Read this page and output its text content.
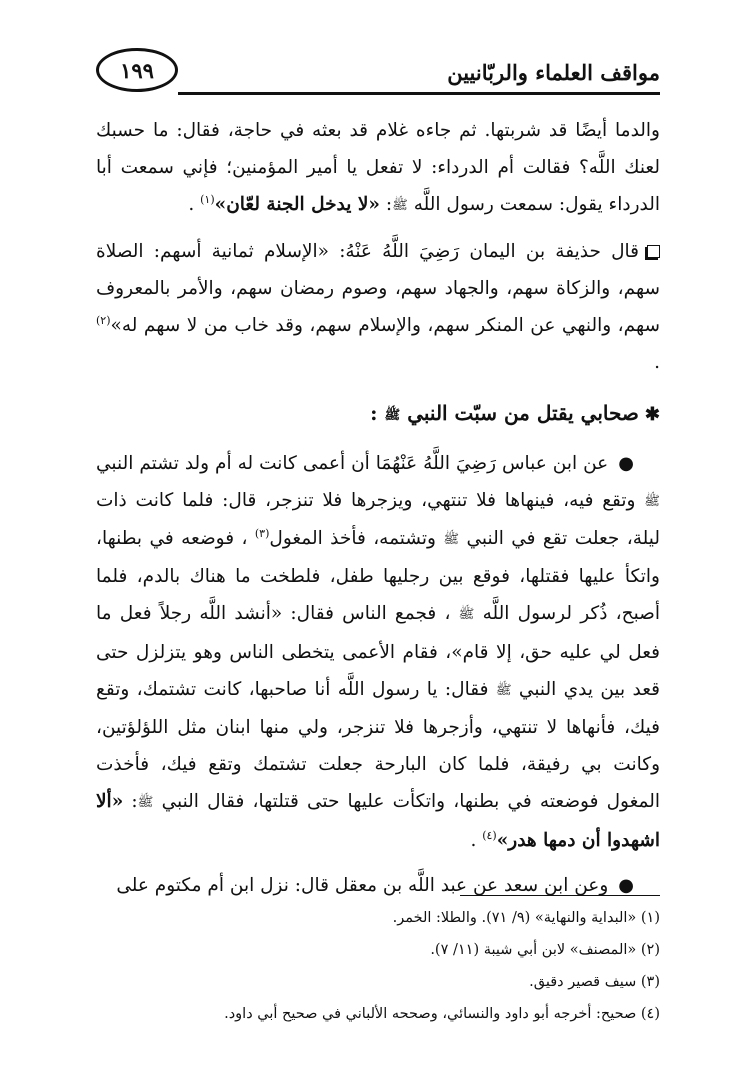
مواقف العلماء والربّانيين
١٩٩

والدما أيضًا قد شربتها. ثم جاءه غلام قد بعثه في حاجة، فقال: ما حسبك لعنك اللَّه؟ فقالت أم الدرداء: لا تفعل يا أمير المؤمنين؛ فإني سمعت أبا الدرداء يقول: سمعت رسول اللَّه ﷺ: «لا يدخل الجنة لعّان»$^{(١)}$ .

قال حذيفة بن اليمان رَضِيَ اللَّهُ عَنْهُ: «الإسلام ثمانية أسهم: الصلاة سهم، والزكاة سهم، والجهاد سهم، وصوم رمضان سهم، والأمر بالمعروف سهم، والنهي عن المنكر سهم، والإسلام سهم، وقد خاب من لا سهم له»$^{(٢)}$ .

✱صحابي يقتل من سبّت النبي ﷺ :

●عن ابن عباس رَضِيَ اللَّهُ عَنْهُمَا أن أعمى كانت له أم ولد تشتم النبي ﷺ وتقع فيه، فينهاها فلا تنتهي، ويزجرها فلا تنزجر، قال: فلما كانت ذات ليلة، جعلت تقع في النبي ﷺ وتشتمه، فأخذ المغول$^{(٣)}$ ، فوضعه في بطنها، واتكأ عليها فقتلها، فوقع بين رجليها طفل، فلطخت ما هناك بالدم، فلما أصبح، ذُكر لرسول اللَّه ﷺ ، فجمع الناس فقال: «أنشد اللَّه رجلاً فعل ما فعل لي عليه حق، إلا قام»، فقام الأعمى يتخطى الناس وهو يتزلزل حتى قعد بين يدي النبي ﷺ فقال: يا رسول اللَّه أنا صاحبها، كانت تشتمك، وتقع فيك، فأنهاها لا تنتهي، وأزجرها فلا تنزجر، ولي منها ابنان مثل اللؤلؤتين، وكانت بي رفيقة، فلما كان البارحة جعلت تشتمك وتقع فيك، فأخذت المغول فوضعته في بطنها، واتكأت عليها حتى قتلتها، فقال النبي ﷺ: «ألا اشهدوا أن دمها هدر»$^{(٤)}$ .

●وعن ابن سعد عن عبد اللَّه بن معقل قال: نزل ابن أم مكتوم على

(١) «البداية والنهاية» (٩/ ٧١). والطلا: الخمر.
(٢) «المصنف» لابن أبي شيبة (١١/ ٧).
(٣) سيف قصير دقيق.
(٤) صحيح: أخرجه أبو داود والنسائي، وصححه الألباني في صحيح أبي داود.
